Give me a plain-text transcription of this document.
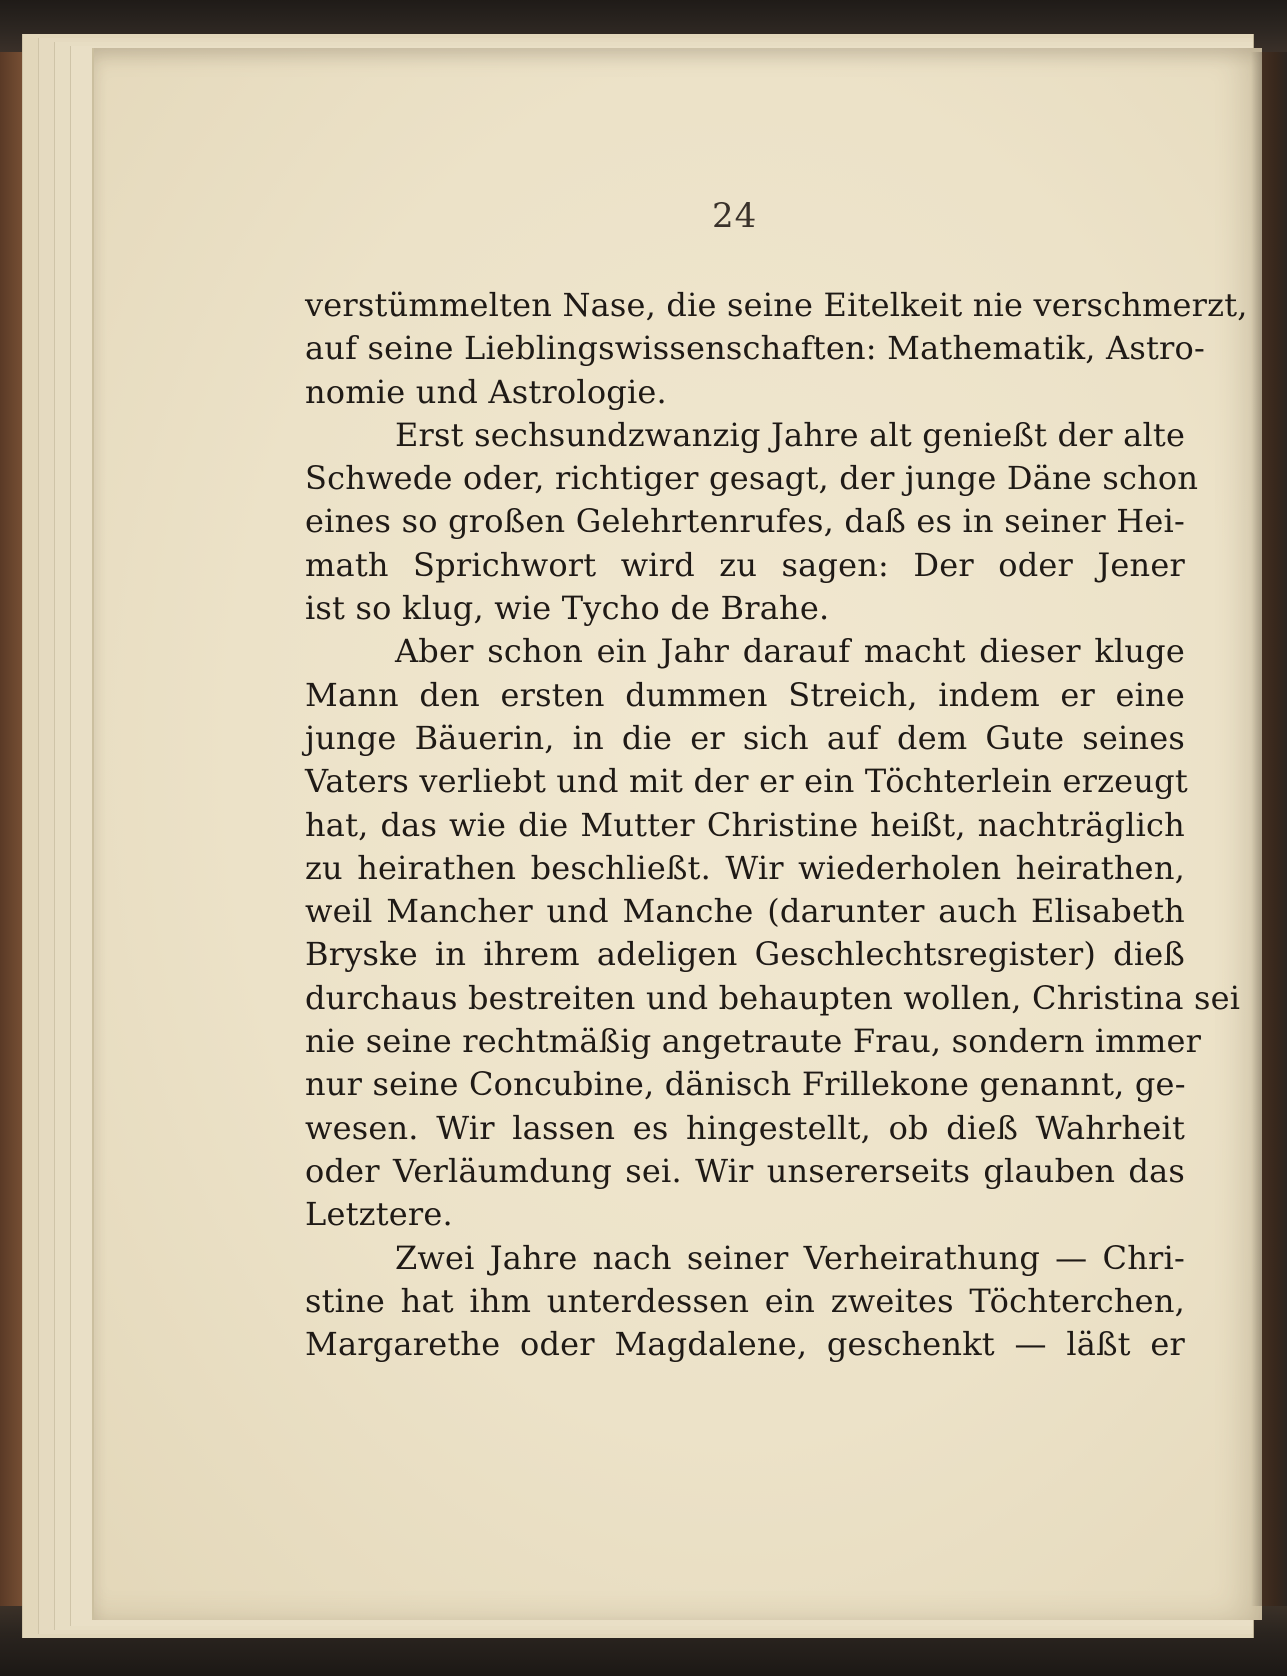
24
verstümmelten Nase, die seine Eitelkeit nie verschmerzt,
auf seine Lieblingswissenschaften: Mathematik, Astro-
nomie und Astrologie.
Erst sechsundzwanzig Jahre alt genießt der alte
Schwede oder, richtiger gesagt, der junge Däne schon
eines so großen Gelehrtenrufes, daß es in seiner Hei-
math Sprichwort wird zu sagen: Der oder Jener
ist so klug, wie Tycho de Brahe.
Aber schon ein Jahr darauf macht dieser kluge
Mann den ersten dummen Streich, indem er eine
junge Bäuerin, in die er sich auf dem Gute seines
Vaters verliebt und mit der er ein Töchterlein erzeugt
hat, das wie die Mutter Christine heißt, nachträglich
zu heirathen beschließt. Wir wiederholen heirathen,
weil Mancher und Manche (darunter auch Elisabeth
Bryske in ihrem adeligen Geschlechtsregister) dieß
durchaus bestreiten und behaupten wollen, Christina sei
nie seine rechtmäßig angetraute Frau, sondern immer
nur seine Concubine, dänisch Frillekone genannt, ge-
wesen. Wir lassen es hingestellt, ob dieß Wahrheit
oder Verläumdung sei. Wir unsererseits glauben das
Letztere.
Zwei Jahre nach seiner Verheirathung — Chri-
stine hat ihm unterdessen ein zweites Töchterchen,
Margarethe oder Magdalene, geschenkt — läßt er
